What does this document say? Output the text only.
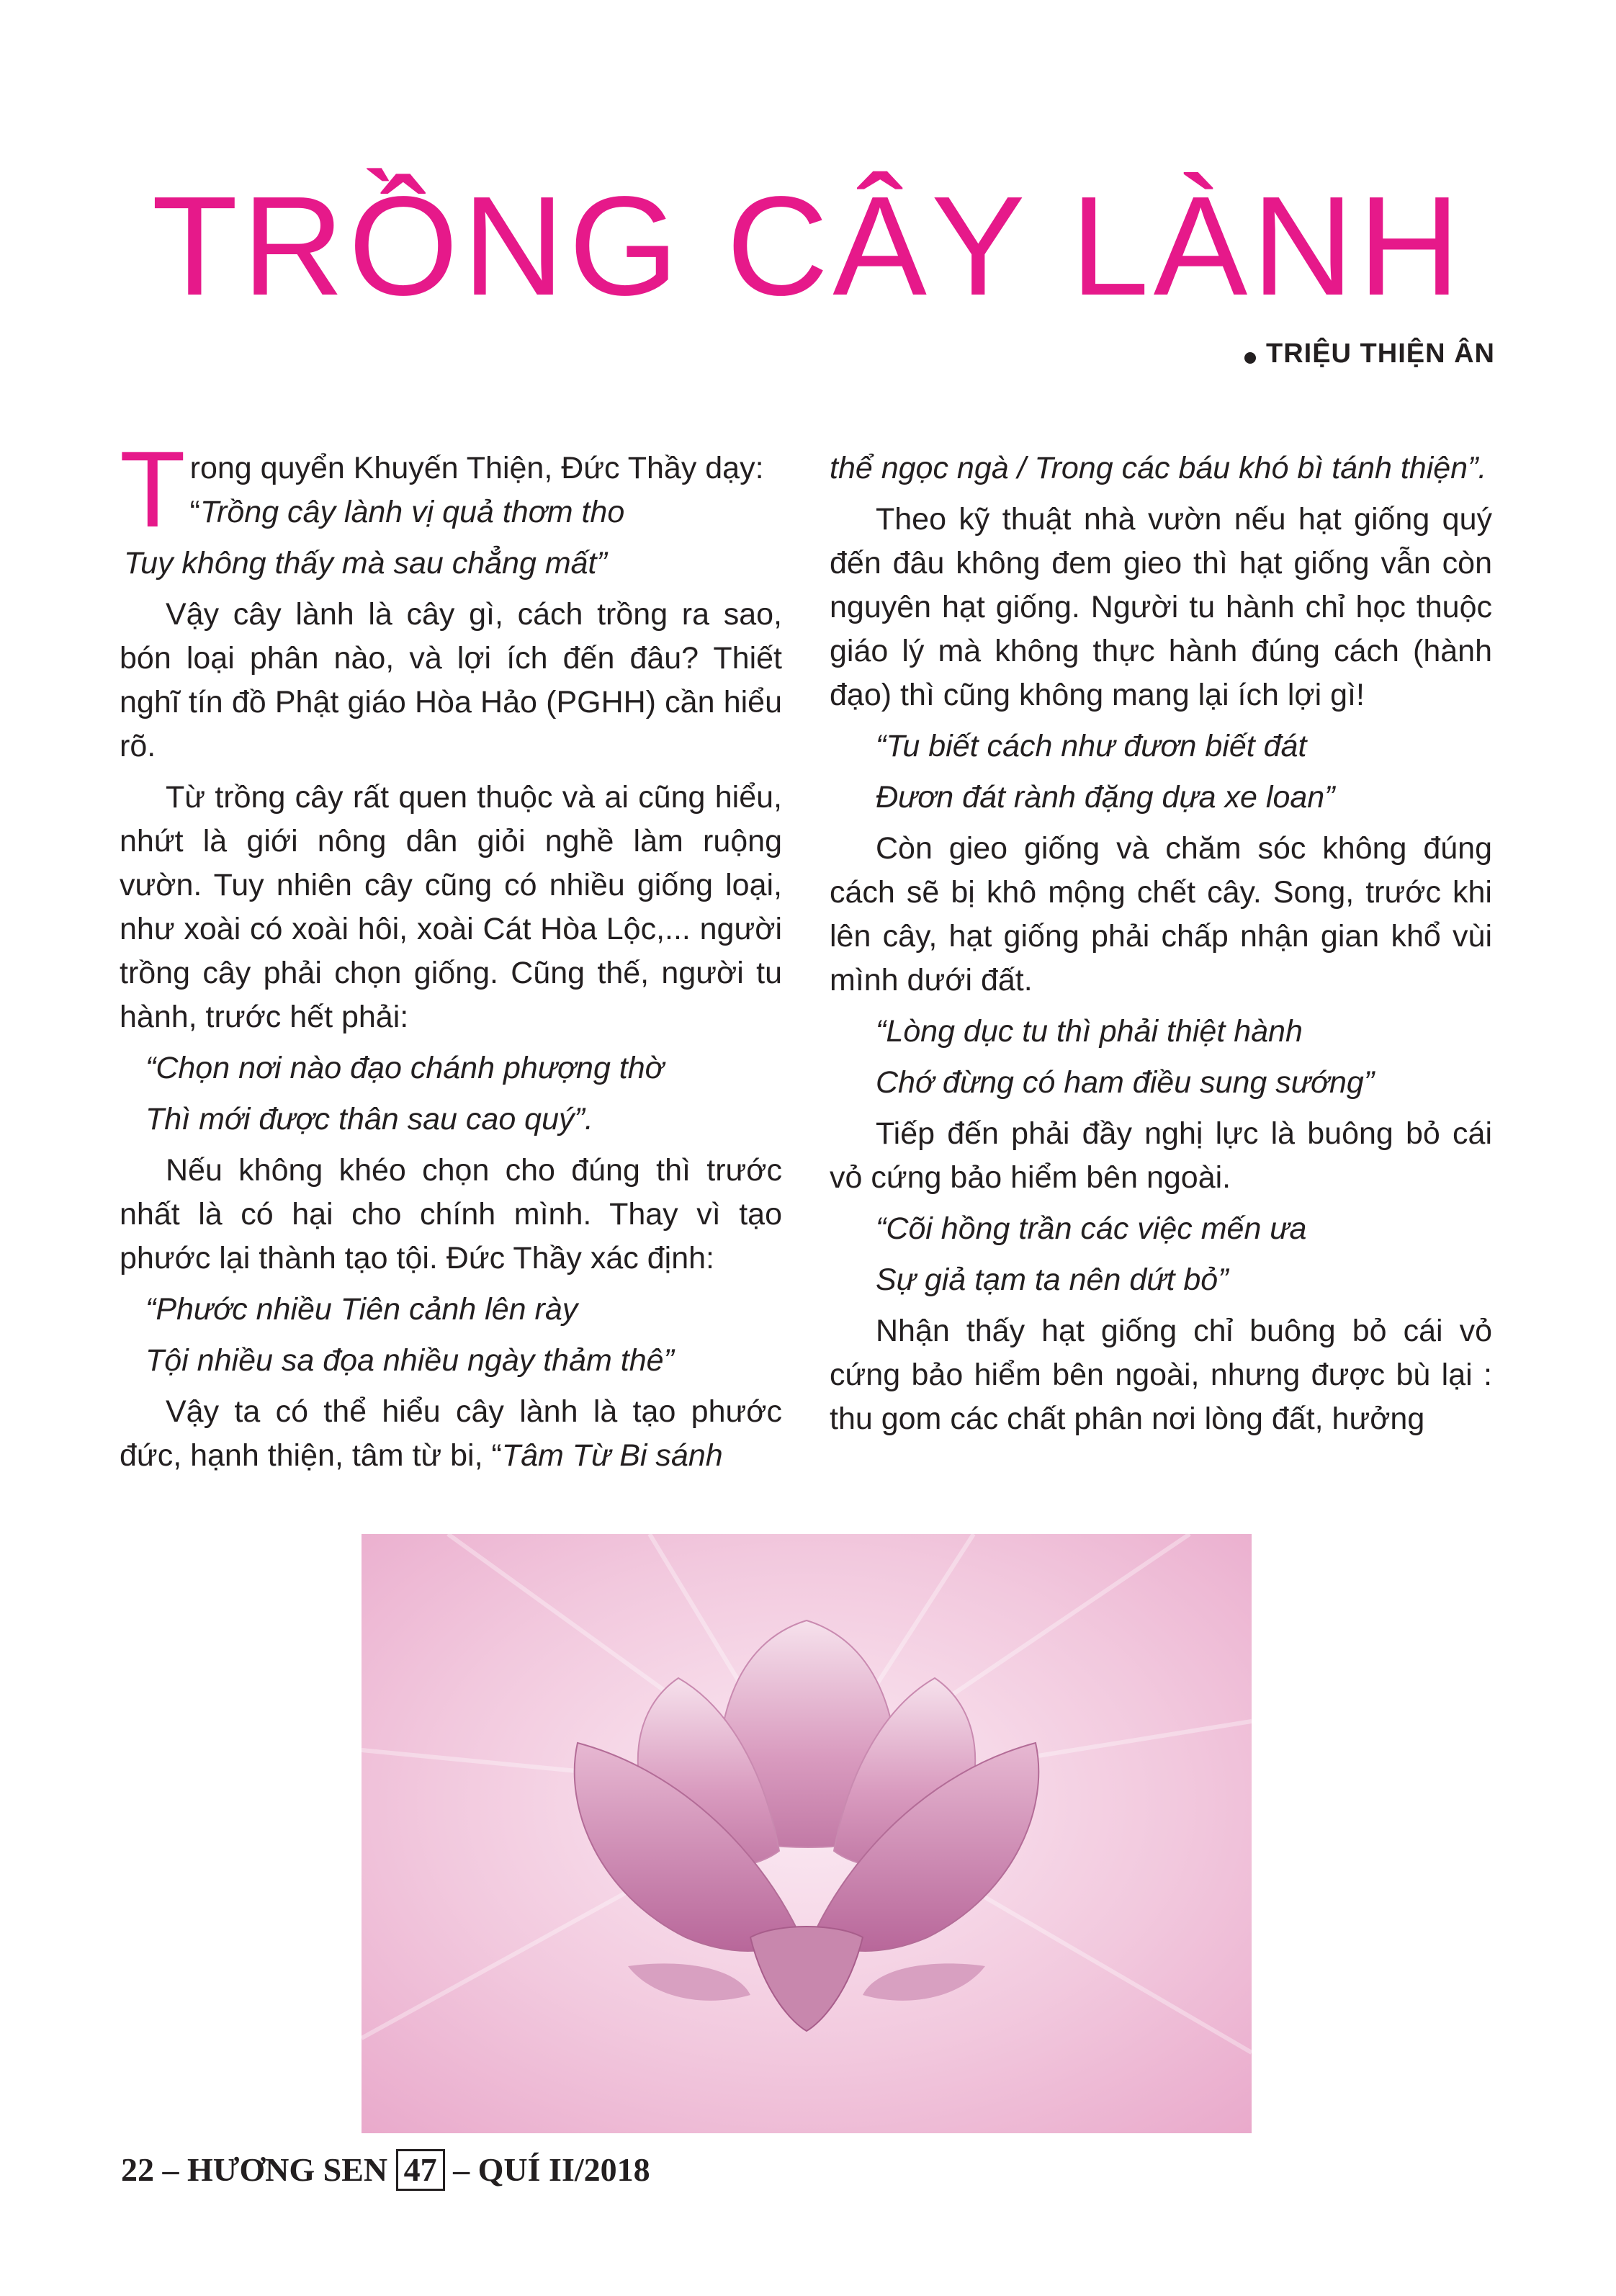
TRỒNG CÂY LÀNH
TRIỆU THIỆN ÂN

Trong quyển Khuyến Thiện, Đức Thầy dạy:
“Trồng cây lành vị quả thơm tho

Tuy không thấy mà sau chẳng mất”

Vậy cây lành là cây gì, cách trồng ra sao, bón loại phân nào, và lợi ích đến đâu? Thiết nghĩ tín đồ Phật giáo Hòa Hảo (PGHH) cần hiểu rõ.

Từ trồng cây rất quen thuộc và ai cũng hiểu, nhứt là giới nông dân giỏi nghề làm ruộng vườn. Tuy nhiên cây cũng có nhiều giống loại, như xoài có xoài hôi, xoài Cát Hòa Lộc,... người trồng cây phải chọn giống. Cũng thế, người tu hành, trước hết phải:

“Chọn nơi nào đạo chánh phượng thờ

Thì mới được thân sau cao quý”.

Nếu không khéo chọn cho đúng thì trước nhất là có hại cho chính mình. Thay vì tạo phước lại thành tạo tội. Đức Thầy xác định:

“Phước nhiều Tiên cảnh lên rày

Tội nhiều sa đọa nhiều ngày thảm thê”

Vậy ta có thể hiểu cây lành là tạo phước đức, hạnh thiện, tâm từ bi, “Tâm Từ Bi sánh

thể ngọc ngà / Trong các báu khó bì tánh thiện”.

Theo kỹ thuật nhà vườn nếu hạt giống quý đến đâu không đem gieo thì hạt giống vẫn còn nguyên hạt giống. Người tu hành chỉ học thuộc giáo lý mà không thực hành đúng cách (hành đạo) thì cũng không mang lại ích lợi gì!

“Tu biết cách như đươn biết đát

Đươn đát rành đặng dựa xe loan”

Còn gieo giống và chăm sóc không đúng cách sẽ bị khô mộng chết cây. Song, trước khi lên cây, hạt giống phải chấp nhận gian khổ vùi mình dưới đất.

“Lòng dục tu thì phải thiệt hành

Chớ đừng có ham điều sung sướng”

Tiếp đến phải đầy nghị lực là buông bỏ cái vỏ cứng bảo hiểm bên ngoài.

“Cõi hồng trần các việc mến ưa

Sự giả tạm ta nên dứt bỏ”

Nhận thấy hạt giống chỉ buông bỏ cái vỏ cứng bảo hiểm bên ngoài, nhưng được bù lại : thu gom các chất phân nơi lòng đất, hưởng

22 – HƯƠNG SEN 47 – QUÍ II/2018
